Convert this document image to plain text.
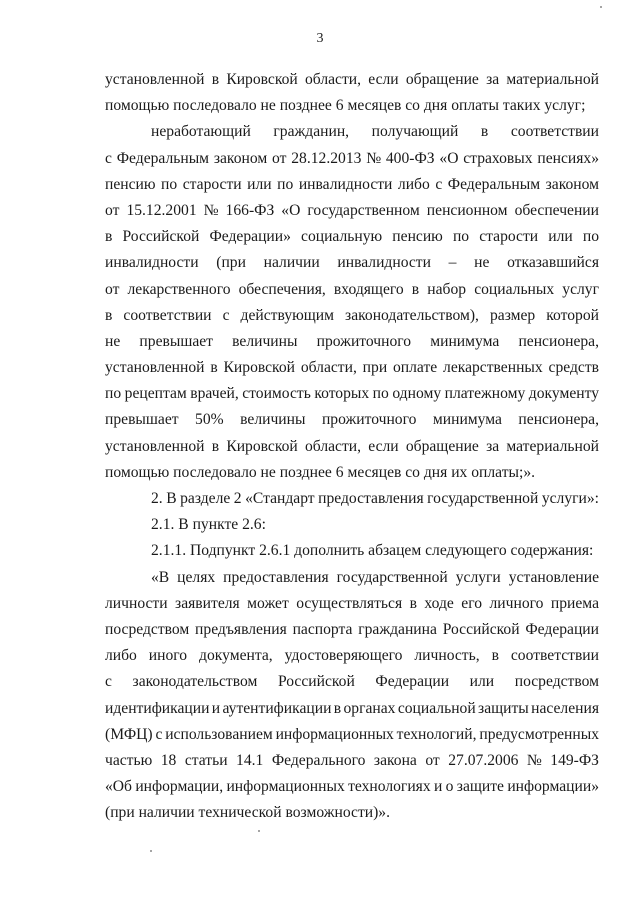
3
установленной в Кировской области, если обращение за материальной
помощью последовало не позднее 6 месяцев со дня оплаты таких услуг;
неработающий гражданин, получающий в соответствии
с Федеральным законом от 28.12.2013 № 400-ФЗ «О страховых пенсиях»
пенсию по старости или по инвалидности либо с Федеральным законом
от 15.12.2001 № 166-ФЗ «О государственном пенсионном обеспечении
в Российской Федерации» социальную пенсию по старости или по
инвалидности (при наличии инвалидности – не отказавшийся
от лекарственного обеспечения, входящего в набор социальных услуг
в соответствии с действующим законодательством), размер которой
не превышает величины прожиточного минимума пенсионера,
установленной в Кировской области, при оплате лекарственных средств
по рецептам врачей, стоимость которых по одному платежному документу
превышает 50% величины прожиточного минимума пенсионера,
установленной в Кировской области, если обращение за материальной
помощью последовало не позднее 6 месяцев со дня их оплаты;».
2. В разделе 2 «Стандарт предоставления государственной услуги»:
2.1. В пункте 2.6:
2.1.1. Подпункт 2.6.1 дополнить абзацем следующего содержания:
«В целях предоставления государственной услуги установление
личности заявителя может осуществляться в ходе его личного приема
посредством предъявления паспорта гражданина Российской Федерации
либо иного документа, удостоверяющего личность, в соответствии
с законодательством Российской Федерации или посредством
идентификации и аутентификации в органах социальной защиты населения
(МФЦ) с использованием информационных технологий, предусмотренных
частью 18 статьи 14.1 Федерального закона от 27.07.2006 № 149-ФЗ
«Об информации, информационных технологиях и о защите информации»
(при наличии технической возможности)».
